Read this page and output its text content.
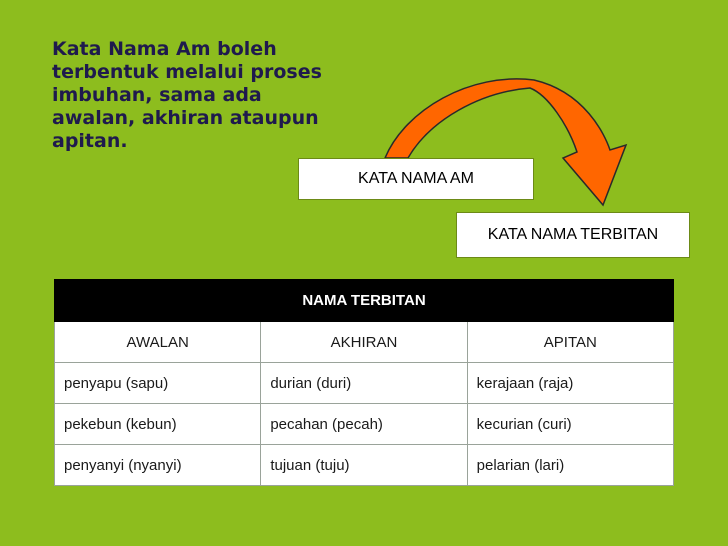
Kata Nama Am boleh
terbentuk melalui proses
imbuhan, sama ada
awalan, akhiran ataupun
apitan.
KATA NAMA AM
KATA NAMA TERBITAN
NAMA TERBITAN		
AWALAN	AKHIRAN	APITAN
penyapu (sapu)	durian (duri)	kerajaan (raja)
pekebun (kebun)	pecahan (pecah)	kecurian (curi)
penyanyi (nyanyi)	tujuan (tuju)	pelarian (lari)
